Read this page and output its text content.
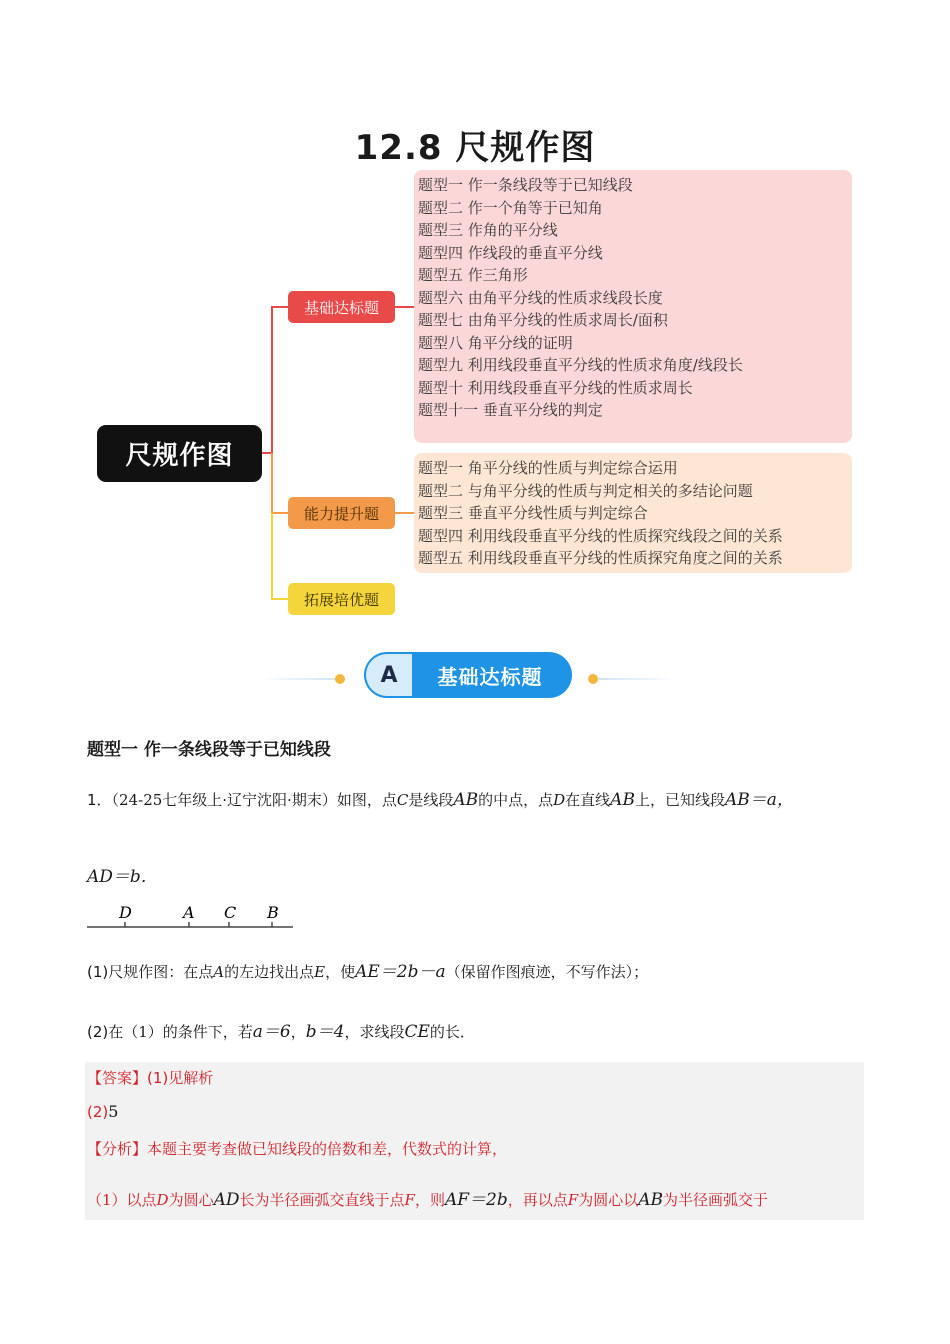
12.8 尺规作图
尺规作图
基础达标题
能力提升题
拓展培优题
题型一 作一条线段等于已知线段
题型二 作一个角等于已知角
题型三 作角的平分线
题型四 作线段的垂直平分线
题型五 作三角形
题型六 由角平分线的性质求线段长度
题型七 由角平分线的性质求周长/面积
题型八 角平分线的证明
题型九 利用线段垂直平分线的性质求角度/线段长
题型十 利用线段垂直平分线的性质求周长
题型十一 垂直平分线的判定
题型一 角平分线的性质与判定综合运用
题型二 与角平分线的性质与判定相关的多结论问题
题型三 垂直平分线性质与判定综合
题型四 利用线段垂直平分线的性质探究线段之间的关系
题型五 利用线段垂直平分线的性质探究角度之间的关系
A	基础达标题
题型一 作一条线段等于已知线段
1．（24-25七年级上·辽宁沈阳·期末）如图，点C是线段AB的中点，点D在直线AB上，已知线段AB＝a，
AD＝b．
D	A C B
(1)尺规作图：在点A的左边找出点E，使AE＝2b－a（保留作图痕迹，不写作法）；
(2)在（1）的条件下，若a＝6，b＝4，求线段CE的长．
【答案】(1)见解析
(2)5
【分析】本题主要考查做已知线段的倍数和差，代数式的计算，
（1）以点D为圆心AD长为半径画弧交直线于点F，则AF＝2b，再以点F为圆心以AB为半径画弧交于
